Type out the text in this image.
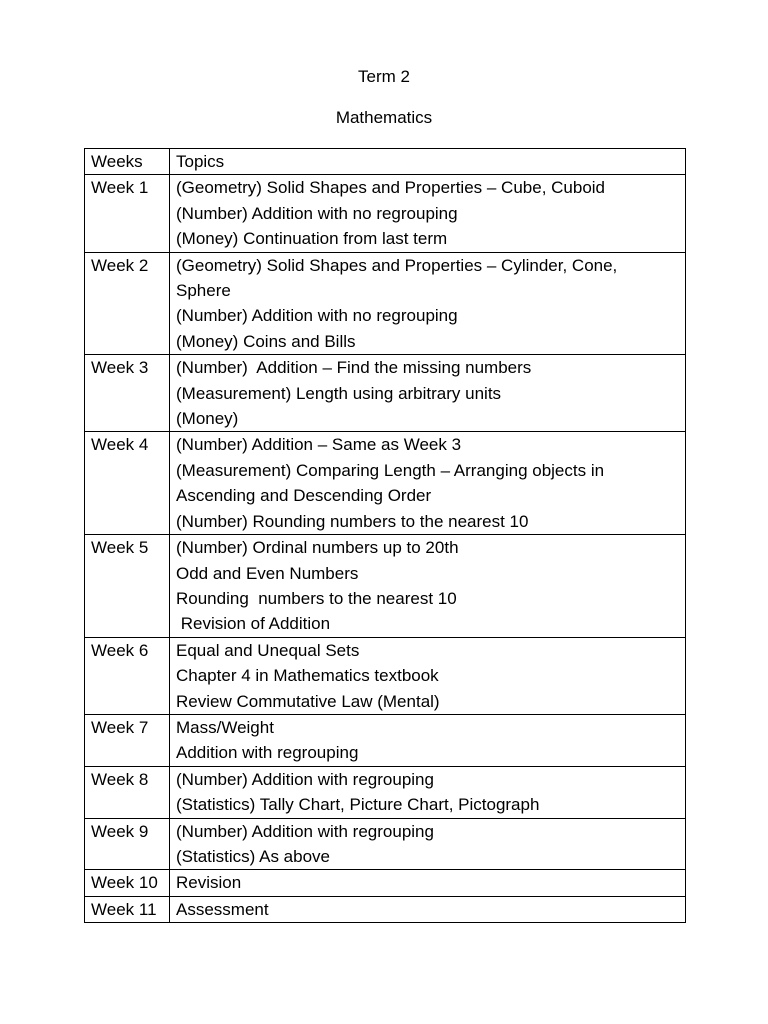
Term 2
Mathematics
Weeks	Topics
Week 1	(Geometry) Solid Shapes and Properties – Cube, Cuboid
(Number) Addition with no regrouping
(Money) Continuation from last term

Week 2	(Geometry) Solid Shapes and Properties – Cylinder, Cone,
Sphere
(Number) Addition with no regrouping
(Money) Coins and Bills

Week 3	(Number)  Addition – Find the missing numbers
(Measurement) Length using arbitrary units
(Money)

Week 4	(Number) Addition – Same as Week 3
(Measurement) Comparing Length – Arranging objects in
Ascending and Descending Order
(Number) Rounding numbers to the nearest 10

Week 5	(Number) Ordinal numbers up to 20th
Odd and Even Numbers
Rounding  numbers to the nearest 10
Revision of Addition

Week 6	Equal and Unequal Sets
Chapter 4 in Mathematics textbook
Review Commutative Law (Mental)

Week 7	Mass/Weight
Addition with regrouping

Week 8	(Number) Addition with regrouping
(Statistics) Tally Chart, Picture Chart, Pictograph

Week 9	(Number) Addition with regrouping
(Statistics) As above

Week 10	Revision

Week 11	Assessment
